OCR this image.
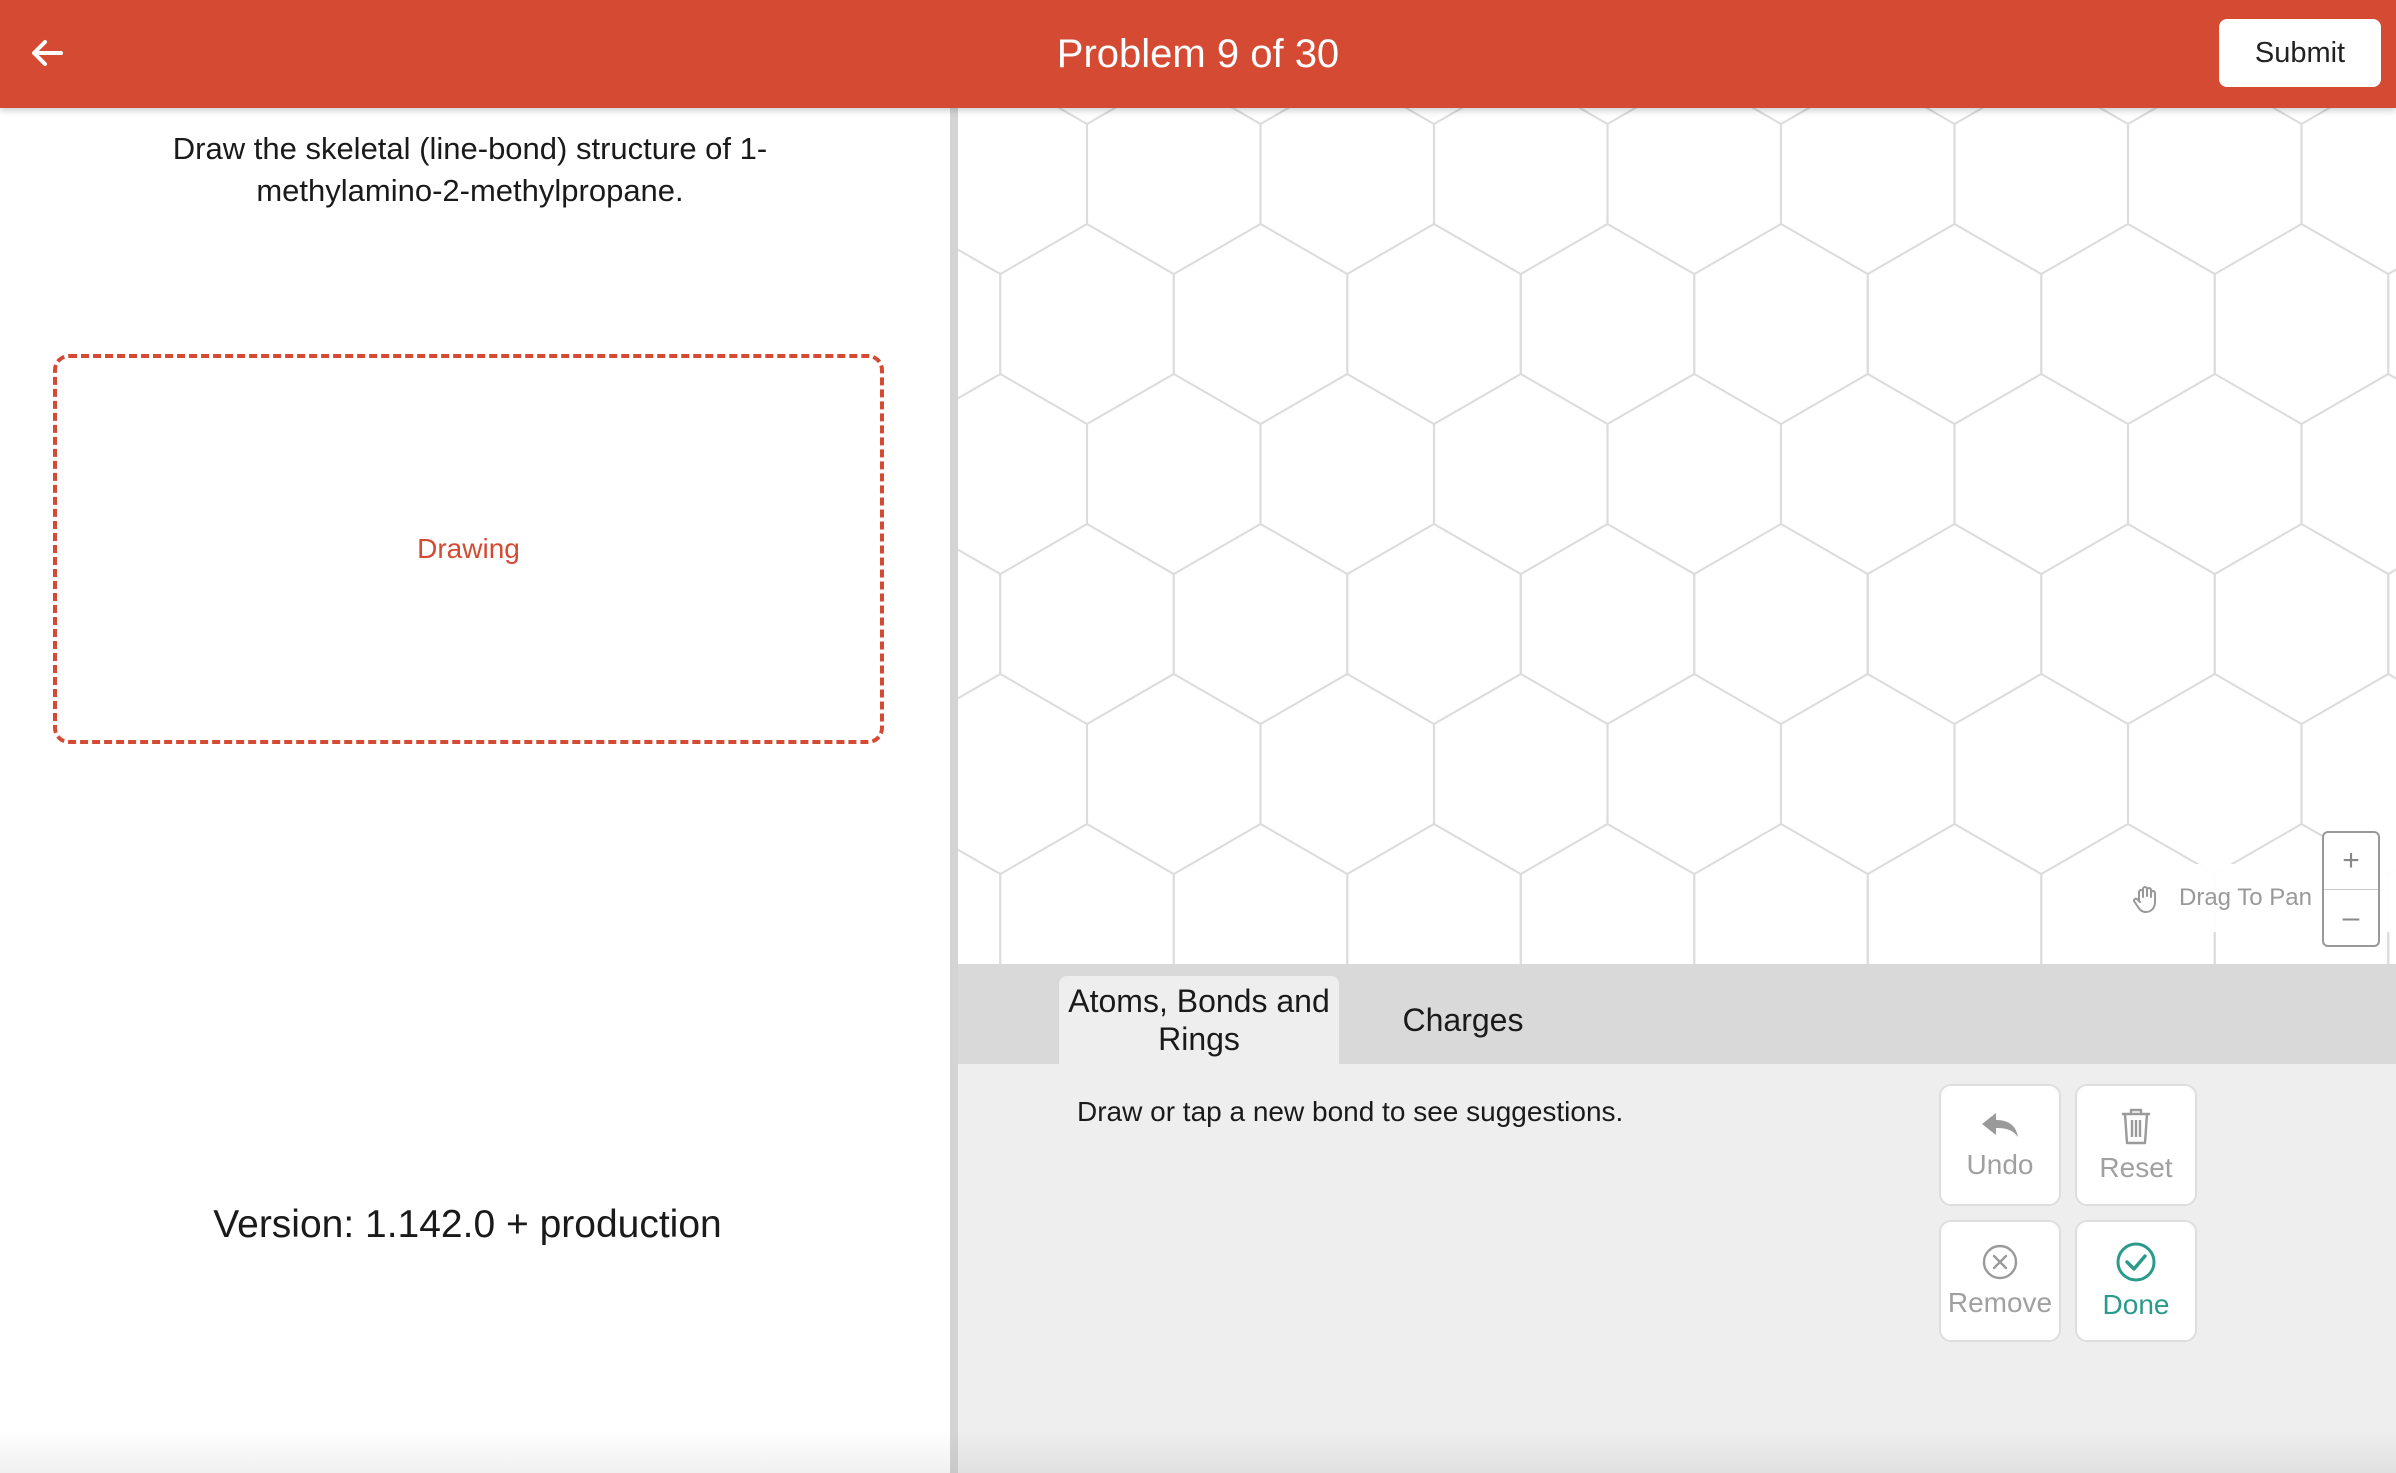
Problem 9 of 30	Submit
Draw the skeletal (line-bond) structure of 1-methylamino-2-methylpropane.
Drawing
Version: 1.142.0 + production
Drag To Pan
+
–
Atoms, Bonds and Rings
Charges
Draw or tap a new bond to see suggestions.
Undo Reset
Remove Done
